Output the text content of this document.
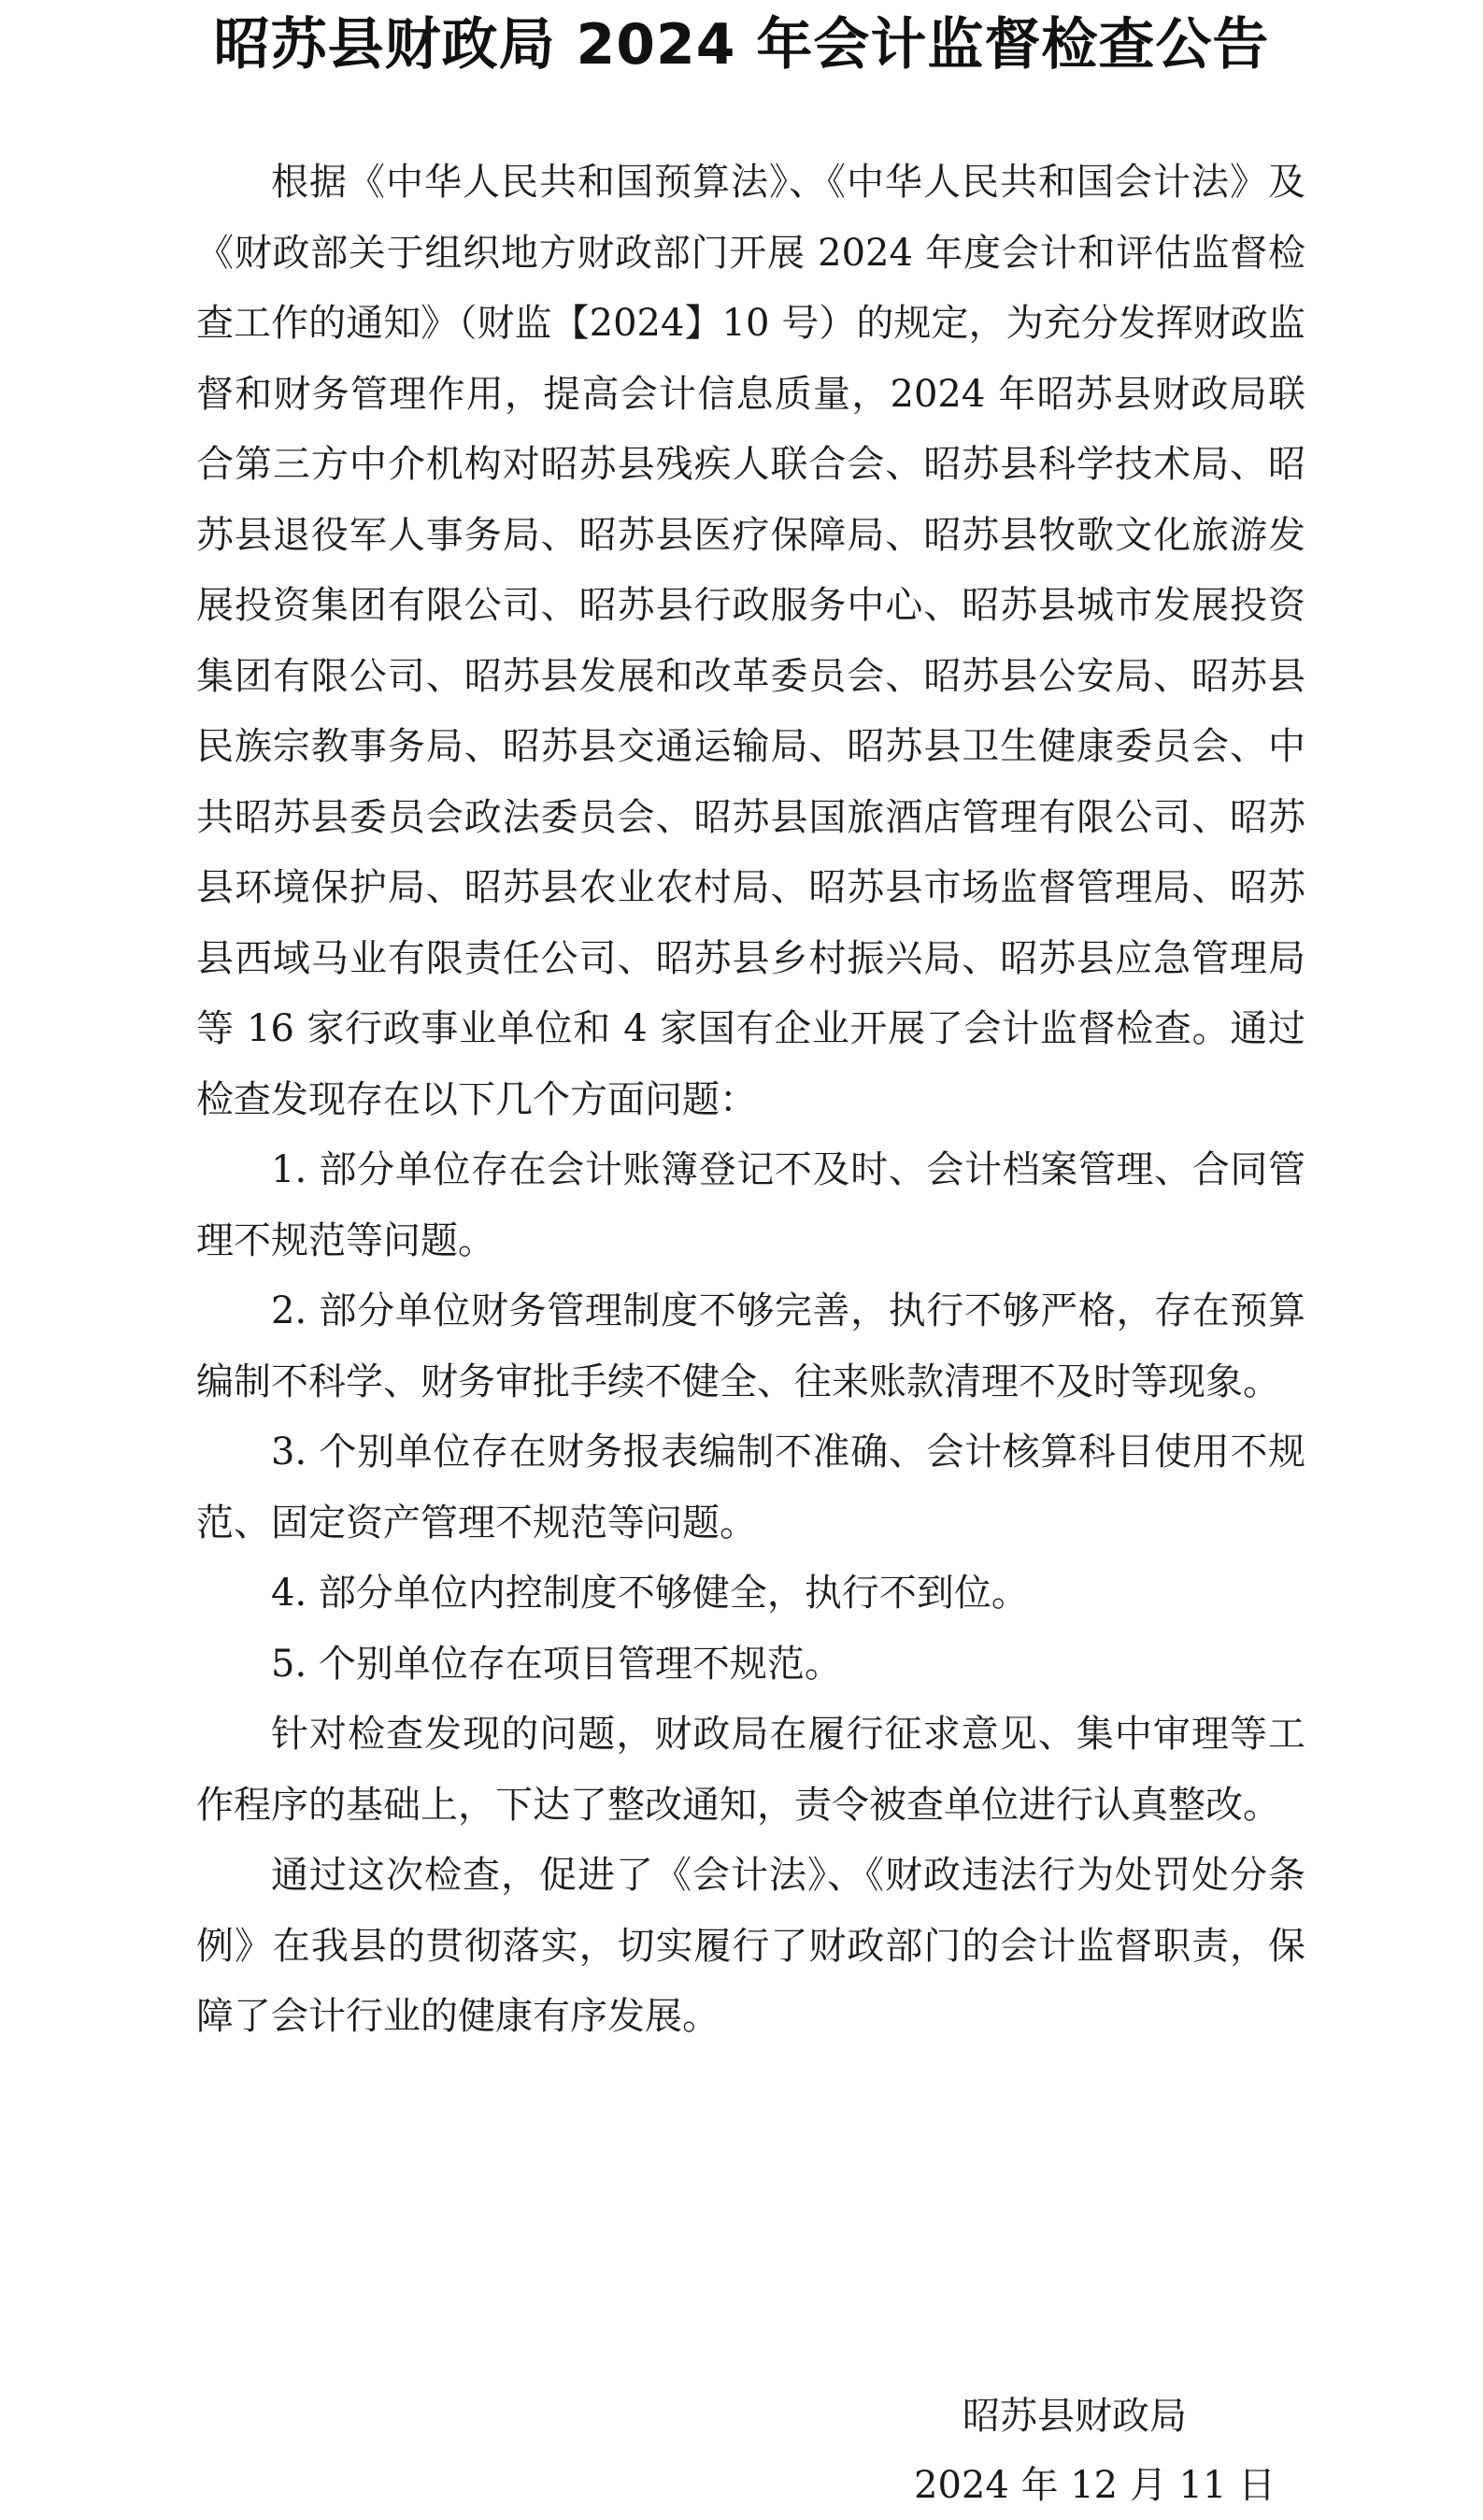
昭苏县财政局 2024 年会计监督检查公告

根据《中华人民共和国预算法》、《中华人民共和国会计法》及《财政部关于组织地方财政部门开展 2024 年度会计和评估监督检查工作的通知》（财监【2024】10 号）的规定，为充分发挥财政监督和财务管理作用，提高会计信息质量，2024 年昭苏县财政局联合第三方中介机构对昭苏县残疾人联合会、昭苏县科学技术局、昭苏县退役军人事务局、昭苏县医疗保障局、昭苏县牧歌文化旅游发展投资集团有限公司、昭苏县行政服务中心、昭苏县城市发展投资集团有限公司、昭苏县发展和改革委员会、昭苏县公安局、昭苏县民族宗教事务局、昭苏县交通运输局、昭苏县卫生健康委员会、中共昭苏县委员会政法委员会、昭苏县国旅酒店管理有限公司、昭苏县环境保护局、昭苏县农业农村局、昭苏县市场监督管理局、昭苏县西域马业有限责任公司、昭苏县乡村振兴局、昭苏县应急管理局等 16 家行政事业单位和 4 家国有企业开展了会计监督检查。通过检查发现存在以下几个方面问题：

1. 部分单位存在会计账簿登记不及时、会计档案管理、合同管理不规范等问题。

2. 部分单位财务管理制度不够完善，执行不够严格，存在预算编制不科学、财务审批手续不健全、往来账款清理不及时等现象。

3. 个别单位存在财务报表编制不准确、会计核算科目使用不规范、固定资产管理不规范等问题。

4. 部分单位内控制度不够健全，执行不到位。

5. 个别单位存在项目管理不规范。

针对检查发现的问题，财政局在履行征求意见、集中审理等工作程序的基础上，下达了整改通知，责令被查单位进行认真整改。

通过这次检查，促进了《会计法》、《财政违法行为处罚处分条例》在我县的贯彻落实，切实履行了财政部门的会计监督职责，保障了会计行业的健康有序发展。

昭苏县财政局
2024 年 12 月 11 日
